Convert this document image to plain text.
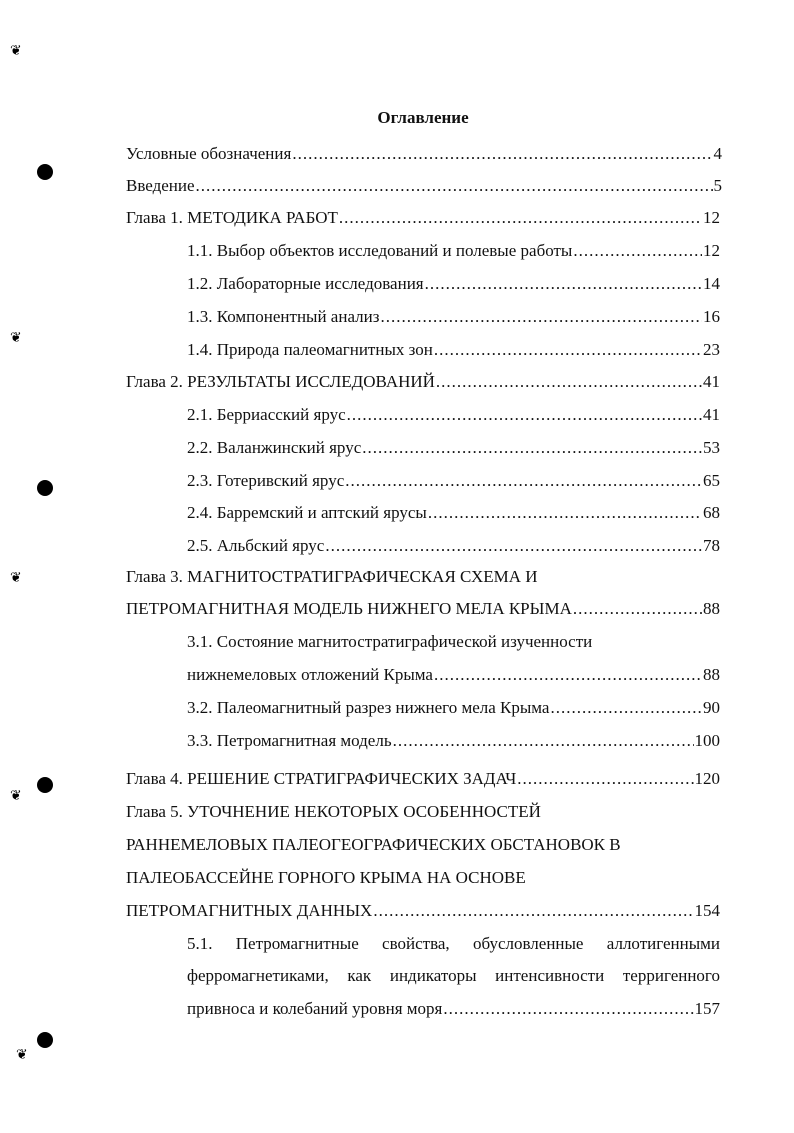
❦
❦
❦
❦
❦
Оглавление
Условные обозначения .....	4
Введение .....	5
Глава 1. МЕТОДИКА РАБОТ .....	12
1.1. Выбор объектов исследований и полевые работы .....	12
1.2. Лабораторные исследования .....	14
1.3. Компонентный анализ .....	16
1.4. Природа палеомагнитных зон .....	23
Глава 2. РЕЗУЛЬТАТЫ ИССЛЕДОВАНИЙ .....	41
2.1. Берриасский ярус .....	41
2.2. Валанжинский ярус .....	53
2.3. Готеривский ярус .....	65
2.4. Барремский и аптский ярусы .....	68
2.5. Альбский ярус .....	78
Глава 3. МАГНИТОСТРАТИГРАФИЧЕСКАЯ СХЕМА И
ПЕТРОМАГНИТНАЯ МОДЕЛЬ НИЖНЕГО МЕЛА КРЫМА .....	88
3.1. Состояние магнитостратиграфической изученности
нижнемеловых отложений Крыма .....	88
3.2. Палеомагнитный разрез нижнего мела Крыма .....	90
3.3. Петромагнитная модель .....	100
Глава 4. РЕШЕНИЕ СТРАТИГРАФИЧЕСКИХ ЗАДАЧ .....	120
Глава 5. УТОЧНЕНИЕ НЕКОТОРЫХ ОСОБЕННОСТЕЙ
РАННЕМЕЛОВЫХ ПАЛЕОГЕОГРАФИЧЕСКИХ ОБСТАНОВОК В
ПАЛЕОБАССЕЙНЕ ГОРНОГО КРЫМА НА ОСНОВЕ
ПЕТРОМАГНИТНЫХ ДАННЫХ .....	154
5.1. Петромагнитные свойства, обусловленные аллотигенными
ферромагнетиками, как индикаторы интенсивности терригенного
привноса и колебаний уровня моря .....	157
